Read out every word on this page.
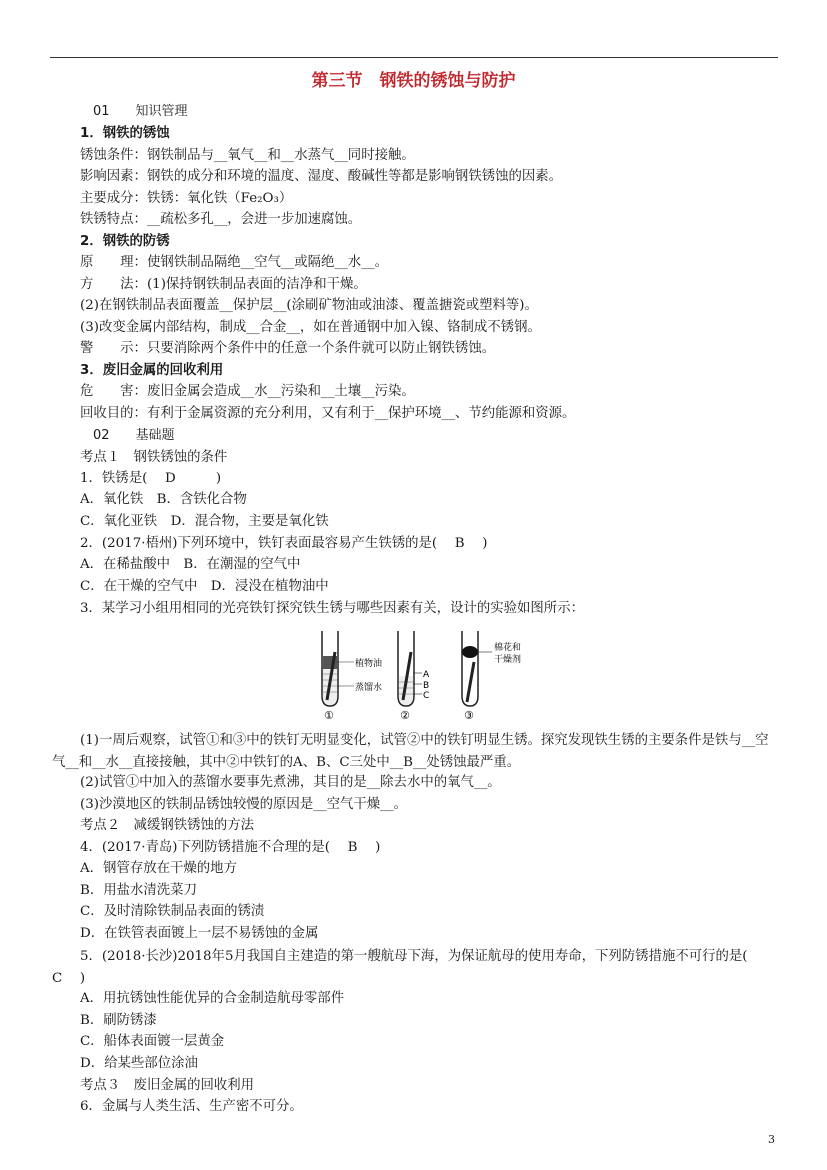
第三节　钢铁的锈蚀与防护
01　　知识管理
1．钢铁的锈蚀
锈蚀条件：钢铁制品与__氧气__和__水蒸气__同时接触。
影响因素：钢铁的成分和环境的温度、湿度、酸碱性等都是影响钢铁锈蚀的因素。
主要成分：铁锈：氧化铁（Fe₂O₃）
铁锈特点：__疏松多孔__，会进一步加速腐蚀。
2．钢铁的防锈
原　　理：使钢铁制品隔绝__空气__或隔绝__水__。
方　　法：(1)保持钢铁制品表面的洁净和干燥。
(2)在钢铁制品表面覆盖__保护层__(涂刷矿物油或油漆、覆盖搪瓷或塑料等)。
(3)改变金属内部结构，制成__合金__，如在普通钢中加入镍、铬制成不锈钢。
警　　示：只要消除两个条件中的任意一个条件就可以防止钢铁锈蚀。
3．废旧金属的回收利用
危　　害：废旧金属会造成__水__污染和__土壤__污染。
回收目的：有利于金属资源的充分利用，又有利于__保护环境__、节约能源和资源。
02　　基础题
考点１　钢铁锈蚀的条件
1．铁锈是(　 D　　　)
A．氧化铁　B．含铁化合物
C．氧化亚铁　D．混合物，主要是氧化铁
2．(2017·梧州)下列环境中，铁钉表面最容易产生铁锈的是(　 B　 )
A．在稀盐酸中　B．在潮湿的空气中
C．在干燥的空气中　D．浸没在植物油中
3．某学习小组用相同的光亮铁钉探究铁生锈与哪些因素有关，设计的实验如图所示：
植物油
蒸馏水
①
A
B
C
②
棉花和
干燥剂
③
(1)一周后观察，试管①和③中的铁钉无明显变化，试管②中的铁钉明显生锈。探究发现铁生锈的主要条件是铁与__空气__和__水__直接接触，其中②中铁钉的A、B、C三处中__B__处锈蚀最严重。
(2)试管①中加入的蒸馏水要事先煮沸，其目的是__除去水中的氧气__。
(3)沙漠地区的铁制品锈蚀较慢的原因是__空气干燥__。
考点２　减缓钢铁锈蚀的方法
4．(2017·青岛)下列防锈措施不合理的是(　 B　 )
A．钢管存放在干燥的地方
B．用盐水清洗菜刀
C．及时清除铁制品表面的锈渍
D．在铁管表面镀上一层不易锈蚀的金属
5．(2018·长沙)2018年5月我国自主建造的第一艘航母下海，为保证航母的使用寿命，下列防锈措施不可行的是(　　 C　 )
A．用抗锈蚀性能优异的合金制造航母零部件
B．刷防锈漆
C．船体表面镀一层黄金
D．给某些部位涂油
考点３　废旧金属的回收利用
6．金属与人类生活、生产密不可分。
3
